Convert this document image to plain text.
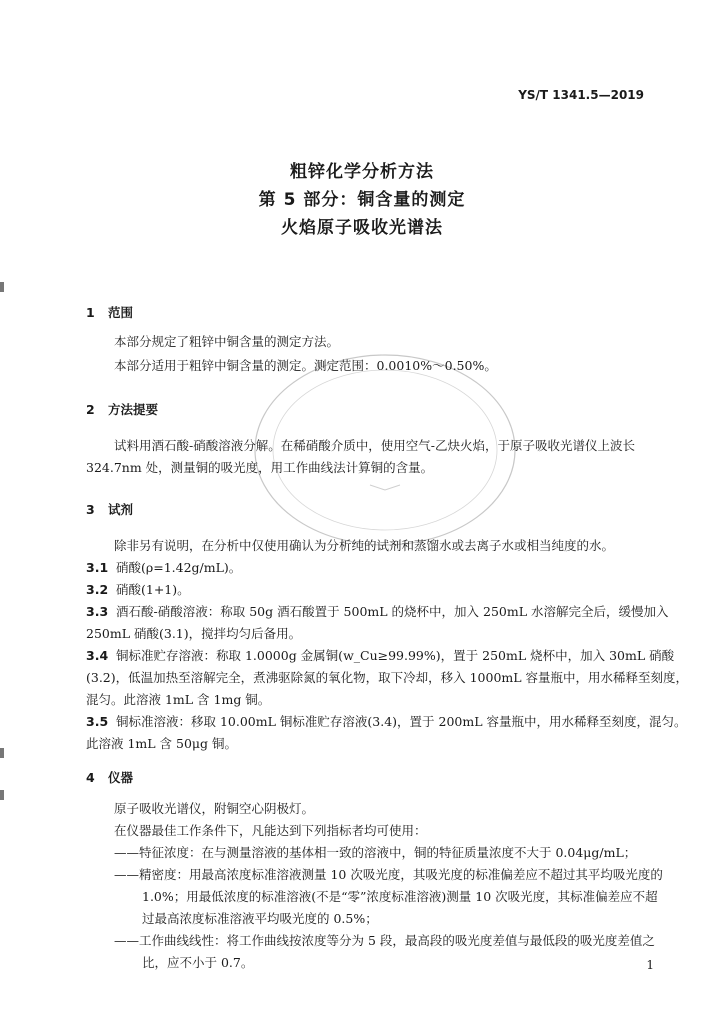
YS/T 1341.5—2019
粗锌化学分析方法
第 5 部分：铜含量的测定
火焰原子吸收光谱法
1 范围
本部分规定了粗锌中铜含量的测定方法。
本部分适用于粗锌中铜含量的测定。测定范围：0.0010%～0.50%。
2 方法提要
试料用酒石酸-硝酸溶液分解。在稀硝酸介质中，使用空气-乙炔火焰，于原子吸收光谱仪上波长
324.7nm 处，测量铜的吸光度，用工作曲线法计算铜的含量。
3 试剂
除非另有说明，在分析中仅使用确认为分析纯的试剂和蒸馏水或去离子水或相当纯度的水。
3.1 硝酸(ρ=1.42g/mL)。
3.2 硝酸(1+1)。
3.3 酒石酸-硝酸溶液：称取 50g 酒石酸置于 500mL 的烧杯中，加入 250mL 水溶解完全后，缓慢加入
250mL 硝酸(3.1)，搅拌均匀后备用。
3.4 铜标准贮存溶液：称取 1.0000g 金属铜(w_Cu≥99.99%)，置于 250mL 烧杯中，加入 30mL 硝酸
(3.2)，低温加热至溶解完全，煮沸驱除氮的氧化物，取下冷却，移入 1000mL 容量瓶中，用水稀释至刻度，
混匀。此溶液 1mL 含 1mg 铜。
3.5 铜标准溶液：移取 10.00mL 铜标准贮存溶液(3.4)，置于 200mL 容量瓶中，用水稀释至刻度，混匀。
此溶液 1mL 含 50μg 铜。
4 仪器
原子吸收光谱仪，附铜空心阴极灯。
在仪器最佳工作条件下，凡能达到下列指标者均可使用：
——特征浓度：在与测量溶液的基体相一致的溶液中，铜的特征质量浓度不大于 0.04μg/mL；
——精密度：用最高浓度标准溶液测量 10 次吸光度，其吸光度的标准偏差应不超过其平均吸光度的
1.0%；用最低浓度的标准溶液(不是“零”浓度标准溶液)测量 10 次吸光度，其标准偏差应不超
过最高浓度标准溶液平均吸光度的 0.5%；
——工作曲线线性：将工作曲线按浓度等分为 5 段，最高段的吸光度差值与最低段的吸光度差值之
比，应不小于 0.7。	1
